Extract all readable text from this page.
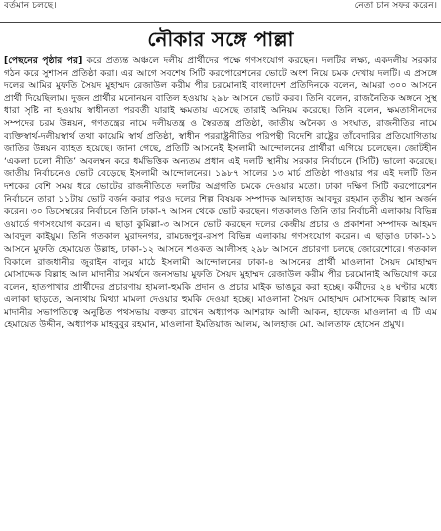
বর্তমান চলছে।	নেতা চান সফর করেন।
নৌকার সঙ্গে পাল্লা

[পেছনের পৃষ্ঠার পর] করে প্রত্যন্ত অঞ্চলে দলীয় প্রার্থীদের পক্ষে গণসংযোগ করছেন। দলটির লক্ষ্য, একদলীয় সরকার গঠন করে সুশাসন প্রতিষ্ঠা করা। এর আগে সবশেষ সিটি করপোরেশনের ভোটে অংশ নিয়ে চমক দেখায় দলটি। এ প্রসঙ্গে দলের আমির মুফতি সৈয়দ মুহাম্মদ রেজাউল করীম পীর চরমোনাই বাংলাদেশ প্রতিদিনকে বলেন, আমরা ৩০০ আসনে প্রার্থী দিয়েছিলাম। দুজন প্রার্থীর মনোনয়ন বাতিল হওয়ায় ২৯৮ আসনে ভোট করব। তিনি বলেন, রাজনৈতিক অঙ্গনে সুস্থ ধারা সৃষ্টি না হওয়ায় স্বাধীনতা পরবর্তী যারাই ক্ষমতায় এসেছে তারাই অনিয়ম করেছে। তিনি বলেন, ক্ষমতাসীনদের সম্পদের চরম উন্নয়ন, গণতন্ত্রের নামে দলীয়তন্ত্র ও স্বৈরতন্ত্র প্রতিষ্ঠা, জাতীয় অনৈক্য ও সংঘাত, রাজনীতির নামে ব্যক্তিস্বার্থ-দলীয়স্বার্থ তথা কায়েমি স্বার্থ প্রতিষ্ঠা, স্বাধীন পররাষ্ট্রনীতির পরিপন্থী বিদেশি রাষ্ট্রের তাঁবেদারির প্রতিযোগিতায় জাতির উন্নয়ন ব্যাহত হয়েছে। জানা গেছে, প্রতিটি আসনেই ইসলামী আন্দোলনের প্রার্থীরা এগিয়ে চলেছেন। জোটহীন ‘একলা চলো নীতি’ অবলম্বন করে ধর্মভিত্তিক অন্যতম প্রধান এই দলটি স্থানীয় সরকার নির্বাচনে (সিটি) ভালো করেছে। জাতীয় নির্বাচনেও ভোট বেড়েছে ইসলামী আন্দোলনের। ১৯৮৭ সালের ১৩ মার্চ প্রতিষ্ঠা পাওয়ার পর এই দলটি তিন দশকের বেশি সময় ধরে ভোটের রাজনীতিতে দলটির অগ্রগতি চমকে দেওয়ার মতো। ঢাকা দক্ষিণ সিটি করপোরেশন নির্বাচনে তারা ১১টায় ভোট বর্জন করার পরও দলের শিল্প বিষয়ক সম্পাদক আলহাজ আবদুর রহমান তৃতীয় স্থান অর্জন করেন। ৩০ ডিসেম্বরের নির্বাচনে তিনি ঢাকা-৭ আসন থেকে ভোট করছেন। গতকালও তিনি তার নির্বাচনী এলাকায় বিভিন্ন ওয়ার্ডে গণসংযোগ করেন। এ ছাড়া কুমিল্লা-৩ আসনে ভোট করছেন দলের কেন্দ্রীয় প্রচার ও প্রকাশনা সম্পাদক আহমদ আবদুল কাইয়ুম। তিনি গতকাল মুরাদনগর, রামচন্দ্রপুর-রসপ বিভিন্ন এলাকায় গণসংযোগ করেন। এ ছাড়াও ঢাকা-১১ আসনে মুফতি হেমায়েত উল্লাহ, ঢাকা-১২ আসনে শওকত আলীসহ ২৯৮ আসনে প্রচারণা চলছে জোরেশোরে। গতকাল বিকালে রাজধানীর জুরাইন বালুর মাঠে ইসলামী আন্দোলনের ঢাকা-৪ আসনের প্রার্থী মাওলানা সৈয়দ মোহাম্মদ মোসাদ্দেক বিল্লাহ আল মাদানীর সমর্থনে জনসভায় মুফতি সৈয়দ মুহাম্মদ রেজাউল করীম পীর চরমোনাই অভিযোগ করে বলেন, হাতপাখার প্রার্থীদের প্রচারণায় হামলা-হুমকি প্রদান ও প্রচার মাইক ভাঙচুর করা হচ্ছে। কর্মীদের ২৪ ঘণ্টার মধ্যে এলাকা ছাড়তে, অন্যথায় মিথ্যা মামলা দেওয়ার হুমকি দেওয়া হচ্ছে। মাওলানা সৈয়দ মোহাম্মদ মোসাদ্দেক বিল্লাহ আল মাদানীর সভাপতিত্বে অনুষ্ঠিত পথসভায় বক্তব্য রাখেন অধ্যাপক আশরাফ আলী আকন, হাফেজ মাওলানা এ টি এম হেমায়েত উদ্দীন, অধ্যাপক মাহবুবুর রহমান, মাওলানা ইমতিয়াজ আলম, আলহাজ মো. আলতাফ হোসেন প্রমুখ।
